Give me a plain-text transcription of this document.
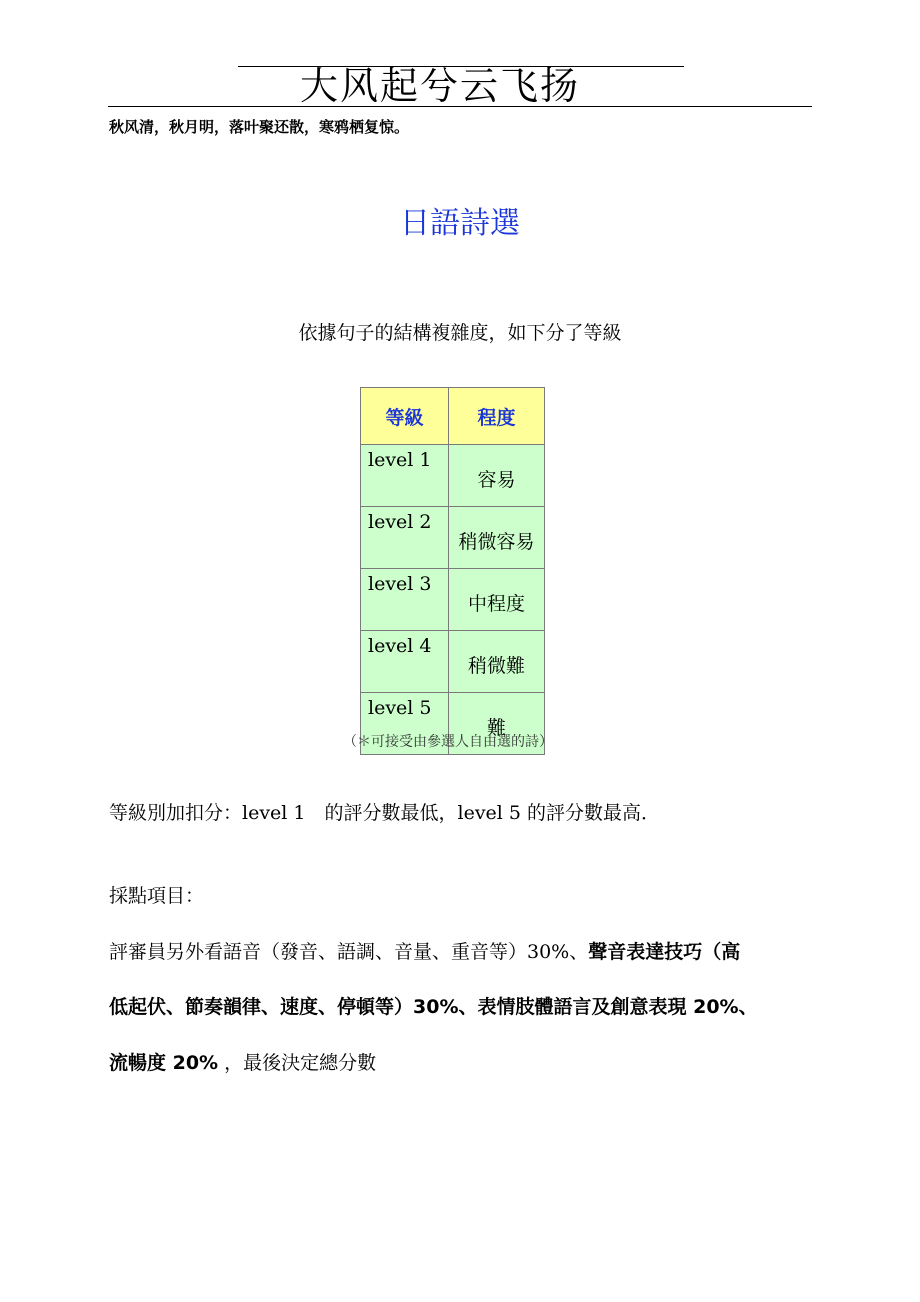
大风起兮云飞扬
秋风清，秋月明，落叶聚还散，寒鸦栖复惊。
日語詩選
依據句子的結構複雜度，如下分了等級
等級	程度
level 1	容易
level 2	稍微容易
level 3	中程度
level 4	稍微難
level 5	難
（＊可接受由參選人自由選的詩）
等級別加扣分：level 1　的評分數最低，level 5 的評分數最高．
採點項目：
評審員另外看語音（發音、語調、音量、重音等）30%、聲音表達技巧（高
低起伏、節奏韻律、速度、停頓等）30%、表情肢體語言及創意表現 20%、
流暢度 20% ，最後決定總分數
